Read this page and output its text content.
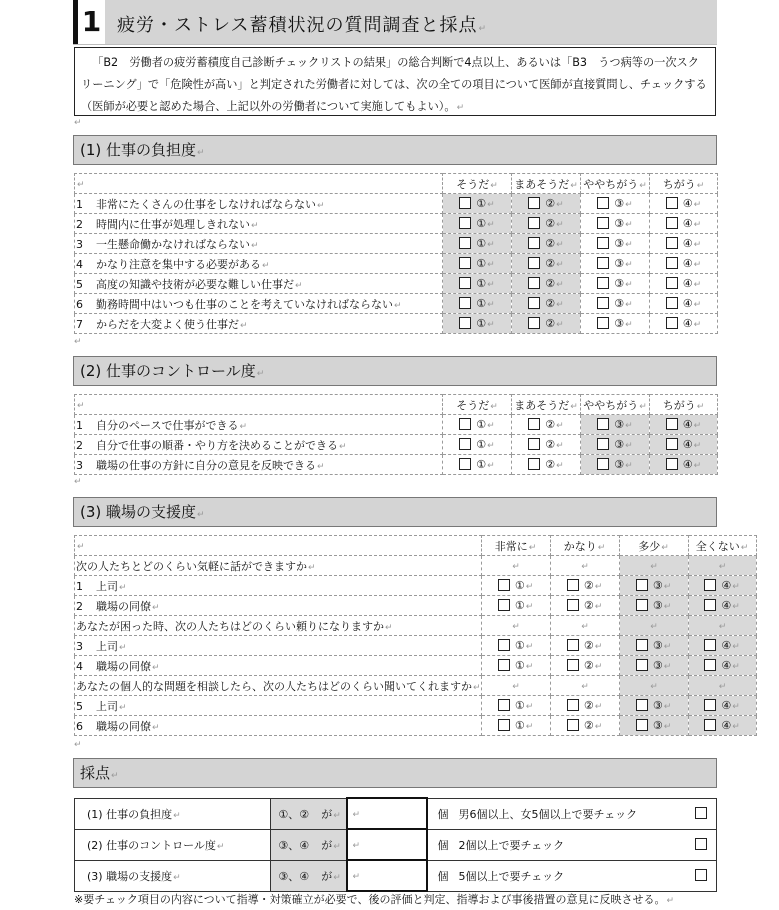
1 疲労・ストレス蓄積状況の質問調査と採点↵

「B2　労働者の疲労蓄積度自己診断チェックリストの結果」の総合判断で4点以上、あるいは「B3　うつ病等の一次スクリーニング」で「危険性が高い」と判定された労働者に対しては、次の全ての項目について医師が直接質問し、チェックする（医師が必要と認めた場合、上記以外の労働者について実施してもよい）。↵

↵
(1) 仕事の負担度↵
↵	そうだ↵	まあそうだ↵	ややちがう↵	ちがう↵
1 非常にたくさんの仕事をしなければならない↵	①↵	②↵	③↵	④↵
2 時間内に仕事が処理しきれない↵	①↵	②↵	③↵	④↵
3 一生懸命働かなければならない↵	①↵	②↵	③↵	④↵
4 かなり注意を集中する必要がある↵	①↵	②↵	③↵	④↵
5 高度の知識や技術が必要な難しい仕事だ↵	①↵	②↵	③↵	④↵
6 勤務時間中はいつも仕事のことを考えていなければならない↵	①↵	②↵	③↵	④↵
7 からだを大変よく使う仕事だ↵	①↵	②↵	③↵	④↵
↵
(2) 仕事のコントロール度↵
↵	そうだ↵	まあそうだ↵	ややちがう↵	ちがう↵
1 自分のペースで仕事ができる↵	①↵	②↵	③↵	④↵
2 自分で仕事の順番・やり方を決めることができる↵	①↵	②↵	③↵	④↵
3 職場の仕事の方針に自分の意見を反映できる↵	①↵	②↵	③↵	④↵
↵
(3) 職場の支援度↵
↵	非常に↵	かなり↵	多少↵	全くない↵
次の人たちとどのくらい気軽に話ができますか↵	↵	↵	↵	↵
1 上司↵	①↵	②↵	③↵	④↵
2 職場の同僚↵	①↵	②↵	③↵	④↵
あなたが困った時、次の人たちはどのくらい頼りになりますか↵	↵	↵	↵	↵
3 上司↵	①↵	②↵	③↵	④↵
4 職場の同僚↵	①↵	②↵	③↵	④↵
あなたの個人的な問題を相談したら、次の人たちはどのくらい聞いてくれますか↵	↵	↵	↵	↵
5 上司↵	①↵	②↵	③↵	④↵
6 職場の同僚↵	①↵	②↵	③↵	④↵
↵
採点↵
(1) 仕事の負担度↵	①、②	が↵	↵	個 男6個以上、女5個以上で要チェック	
(2) 仕事のコントロール度↵	③、④	が↵	↵	個 2個以上で要チェック	
(3) 職場の支援度↵	③、④	が↵	↵	個 5個以上で要チェック	
※要チェック項目の内容について指導・対策確立が必要で、後の評価と判定、指導および事後措置の意見に反映させる。↵
